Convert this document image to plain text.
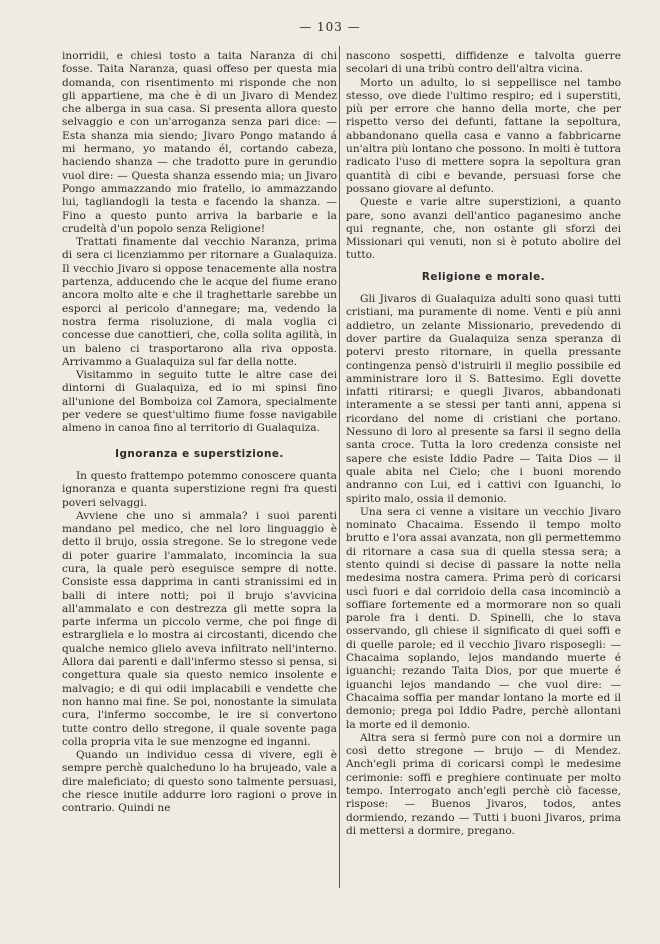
— 103 —

inorridii, e chiesi tosto a taita Naranza di chi fosse. Taita Naranza, quasi offeso per questa mia domanda, con risentimento mi risponde che non gli appartiene, ma che è di un Jivaro di Mendez che alberga in sua casa. Si presenta allora questo selvaggio e con un'arroganza senza pari dice: — Esta shanza mia siendo; Jivaro Pongo matando á mi hermano, yo matando él, cortando cabeza, haciendo shanza — che tradotto pure in gerundio vuol dire: — Questa shanza essendo mia; un Jivaro Pongo ammazzando mio fratello, io ammazzando lui, tagliandogli la testa e facendo la shanza. — Fino a questo punto arriva la barbarie e la crudeltà d'un popolo senza Religione!

Trattati finamente dal vecchio Naranza, prima di sera ci licenziammo per ritornare a Gualaquiza. Il vecchio Jivaro si oppose tenacemente alla nostra partenza, adducendo che le acque del fiume erano ancora molto alte e che il traghettarle sarebbe un esporci al pericolo d'annegare; ma, vedendo la nostra ferma risoluzione, di mala voglia ci concesse due canottieri, che, colla solita agilità, in un baleno ci trasportarono alla riva opposta. Arrivammo a Gualaquiza sul far della notte.

Visitammo in seguito tutte le altre case dei dintorni di Gualaquiza, ed io mi spinsi fino all'unione del Bomboiza col Zamora, specialmente per vedere se quest'ultimo fiume fosse navigabile almeno in canoa fino al territorio di Gualaquiza.

Ignoranza e superstizione.

In questo frattempo potemmo conoscere quanta ignoranza e quanta superstizione regni fra questi poveri selvaggi.

Avviene che uno si ammala? i suoi parenti mandano pel medico, che nel loro linguaggio è detto il brujo, ossia stregone. Se lo stregone vede di poter guarire l'ammalato, incomincia la sua cura, la quale però eseguisce sempre di notte. Consiste essa dapprima in canti stranissimi ed in balli di intere notti; poi il brujo s'avvicina all'ammalato e con destrezza gli mette sopra la parte inferma un piccolo verme, che poi finge di estrargliela e lo mostra ai circostanti, dicendo che qualche nemico glielo aveva infiltrato nell'interno. Allora dai parenti e dall'infermo stesso si pensa, si congettura quale sia questo nemico insolente e malvagio; e di qui odii implacabili e vendette che non hanno mai fine. Se poi, nonostante la simulata cura, l'infermo soccombe, le ire si convertono tutte contro dello stregone, il quale sovente paga colla propria vita le sue menzogne ed inganni.

Quando un individuo cessa di vivere, egli è sempre perchè qualcheduno lo ha brujeado, vale a dire maleficiato; di questo sono talmente persuasi, che riesce inutile addurre loro ragioni o prove in contrario. Quindi ne

nascono sospetti, diffidenze e talvolta guerre secolari di una tribù contro dell'altra vicina.

Morto un adulto, lo si seppellisce nel tambo stesso, ove diede l'ultimo respiro; ed i superstiti, più per errore che hanno della morte, che per rispetto verso dei defunti, fattane la sepoltura, abbandonano quella casa e vanno a fabbricarne un'altra più lontano che possono. In molti è tuttora radicato l'uso di mettere sopra la sepoltura gran quantità di cibi e bevande, persuasi forse che possano giovare al defunto.

Queste e varie altre superstizioni, a quanto pare, sono avanzi dell'antico paganesimo anche qui regnante, che, non ostante gli sforzi dei Missionari qui venuti, non si è potuto abolire del tutto.

Religione e morale.

Gli Jivaros di Gualaquiza adulti sono quasi tutti cristiani, ma puramente di nome. Venti e più anni addietro, un zelante Missionario, prevedendo di dover partire da Gualaquiza senza speranza di potervi presto ritornare, in quella pressante contingenza pensò d'istruirli il meglio possibile ed amministrare loro il S. Battesimo. Egli dovette infatti ritirarsi; e quegli Jivaros, abbandonati interamente a se stessi per tanti anni, appena si ricordano del nome di cristiani che portano. Nessuno di loro al presente sa farsi il segno della santa croce. Tutta la loro credenza consiste nel sapere che esiste Iddio Padre — Taita Dios — il quale abita nel Cielo; che i buoni morendo andranno con Lui, ed i cattivi con Iguanchi, lo spirito malo, ossia il demonio.

Una sera ci venne a visitare un vecchio Jivaro nominato Chacaima. Essendo il tempo molto brutto e l'ora assai avanzata, non gli permettemmo di ritornare a casa sua di quella stessa sera; a stento quindi si decise di passare la notte nella medesima nostra camera. Prima però di coricarsi uscì fuori e dal corridoio della casa incominciò a soffiare fortemente ed a mormorare non so quali parole fra i denti. D. Spinelli, che lo stava osservando, gli chiese il significato di quei soffi e di quelle parole; ed il vecchio Jivaro risposegli: — Chacaima soplando, lejos mandando muerte é iguanchi; rezando Taita Dios, por que muerte é iguanchi lejos mandando — che vuol dire: — Chacaima soffia per mandar lontano la morte ed il demonio; prega poi Iddio Padre, perchè allontani la morte ed il demonio.

Altra sera si fermò pure con noi a dormire un così detto stregone — brujo — di Mendez. Anch'egli prima di coricarsi compì le medesime cerimonie: soffi e preghiere continuate per molto tempo. Interrogato anch'egli perchè ciò facesse, rispose: — Buenos Jivaros, todos, antes dormiendo, rezando — Tutti i buoni Jivaros, prima di mettersi a dormire, pregano.
